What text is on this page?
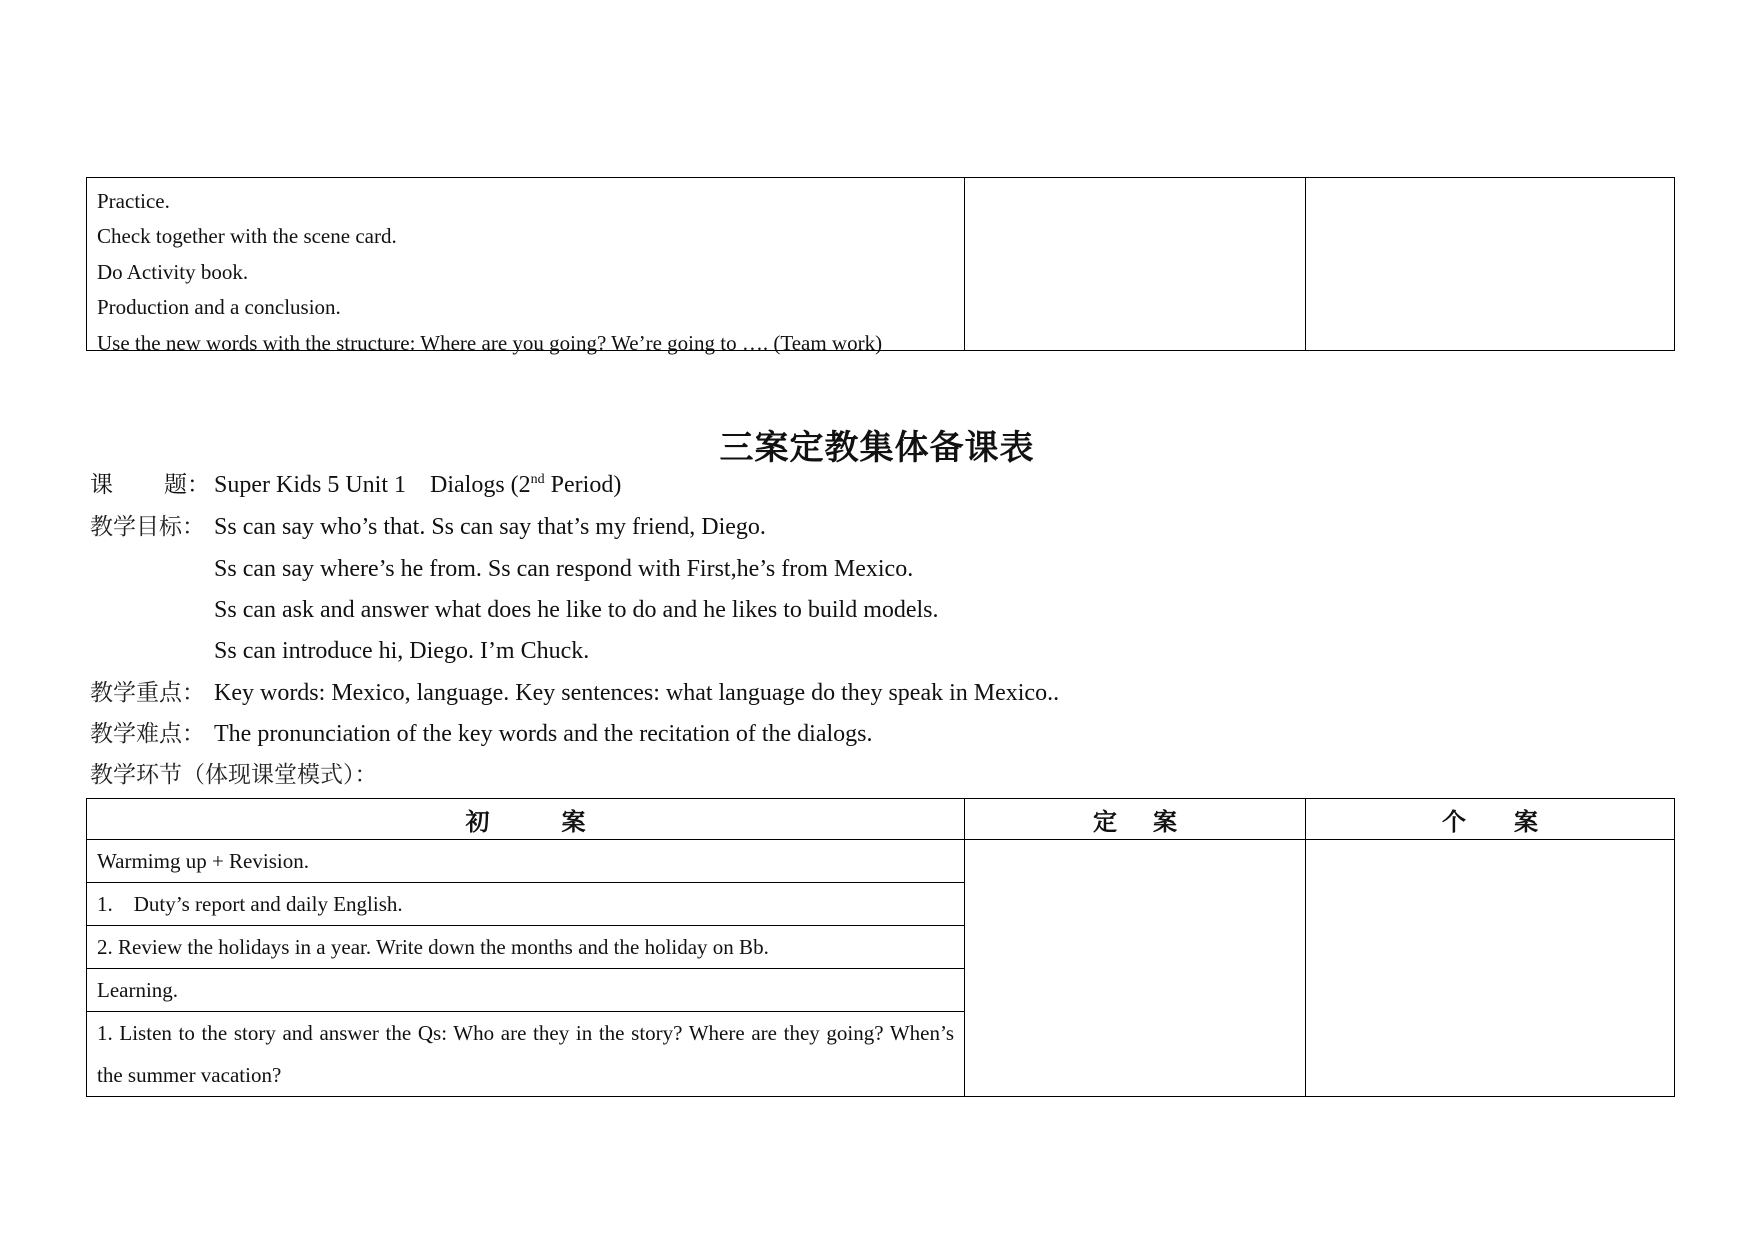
Practice.
Check together with the scene card.
Do Activity book.
Production and a conclusion.
Use the new words with the structure: Where are you going? We’re going to …. (Team work)

三案定教集体备课表
课 题： Super Kids 5 Unit 1    Dialogs (2nd Period)
教学目标： Ss can say who’s that. Ss can say that’s my friend, Diego.
Ss can say where’s he from. Ss can respond with First,he’s from Mexico.
Ss can ask and answer what does he like to do and he likes to build models.
Ss can introduce hi, Diego. I’m Chuck.
教学重点： Key words: Mexico, language. Key sentences: what language do they speak in Mexico..
教学难点： The pronunciation of the key words and the recitation of the dialogs.
教学环节（体现课堂模式）：
初 案	定 案	个 案
Warmimg up + Revision.		
1.    Duty’s report and daily English.		
2. Review the holidays in a year. Write down the months and the holiday on Bb.		
Learning.		
1. Listen to the story and answer the Qs: Who are they in the story? Where are they going? When’s the summer vacation?		
